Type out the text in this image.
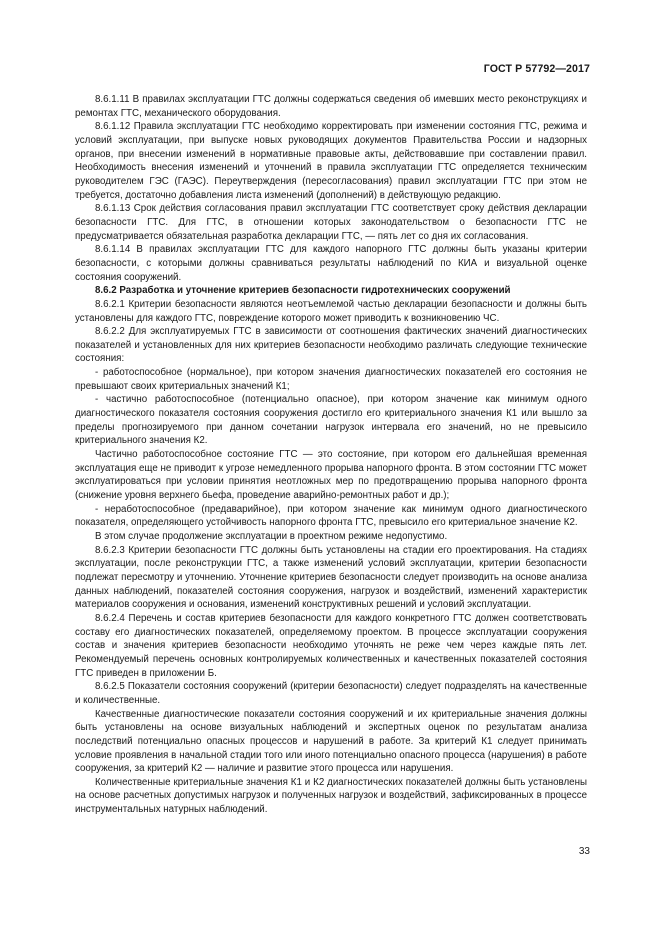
ГОСТ Р 57792—2017

8.6.1.11 В правилах эксплуатации ГТС должны содержаться сведения об имевших место реконструкциях и ремонтах ГТС, механического оборудования.

8.6.1.12 Правила эксплуатации ГТС необходимо корректировать при изменении состояния ГТС, режима и условий эксплуатации, при выпуске новых руководящих документов Правительства России и надзорных органов, при внесении изменений в нормативные правовые акты, действовавшие при составлении правил. Необходимость внесения изменений и уточнений в правила эксплуатации ГТС определяется техническим руководителем ГЭС (ГАЭС). Переутверждения (пересогласования) правил эксплуатации ГТС при этом не требуется, достаточно добавления листа изменений (дополнений) в действующую редакцию.

8.6.1.13 Срок действия согласования правил эксплуатации ГТС соответствует сроку действия декларации безопасности ГТС. Для ГТС, в отношении которых законодательством о безопасности ГТС не предусматривается обязательная разработка декларации ГТС, — пять лет со дня их согласования.

8.6.1.14 В правилах эксплуатации ГТС для каждого напорного ГТС должны быть указаны критерии безопасности, с которыми должны сравниваться результаты наблюдений по КИА и визуальной оценке состояния сооружений.

8.6.2 Разработка и уточнение критериев безопасности гидротехнических сооружений

8.6.2.1 Критерии безопасности являются неотъемлемой частью декларации безопасности и должны быть установлены для каждого ГТС, повреждение которого может приводить к возникновению ЧС.

8.6.2.2 Для эксплуатируемых ГТС в зависимости от соотношения фактических значений диагностических показателей и установленных для них критериев безопасности необходимо различать следующие технические состояния:

- работоспособное (нормальное), при котором значения диагностических показателей его состояния не превышают своих критериальных значений К1;

- частично работоспособное (потенциально опасное), при котором значение как минимум одного диагностического показателя состояния сооружения достигло его критериального значения К1 или вышло за пределы прогнозируемого при данном сочетании нагрузок интервала его значений, но не превысило критериального значения К2.

Частично работоспособное состояние ГТС — это состояние, при котором его дальнейшая временная эксплуатация еще не приводит к угрозе немедленного прорыва напорного фронта. В этом состоянии ГТС может эксплуатироваться при условии принятия неотложных мер по предотвращению прорыва напорного фронта (снижение уровня верхнего бьефа, проведение аварийно-ремонтных работ и др.);

- неработоспособное (предаварийное), при котором значение как минимум одного диагностического показателя, определяющего устойчивость напорного фронта ГТС, превысило его критериальное значение К2.

В этом случае продолжение эксплуатации в проектном режиме недопустимо.

8.6.2.3 Критерии безопасности ГТС должны быть установлены на стадии его проектирования. На стадиях эксплуатации, после реконструкции ГТС, а также изменений условий эксплуатации, критерии безопасности подлежат пересмотру и уточнению. Уточнение критериев безопасности следует производить на основе анализа данных наблюдений, показателей состояния сооружения, нагрузок и воздействий, изменений характеристик материалов сооружения и основания, изменений конструктивных решений и условий эксплуатации.

8.6.2.4 Перечень и состав критериев безопасности для каждого конкретного ГТС должен соответствовать составу его диагностических показателей, определяемому проектом. В процессе эксплуатации сооружения состав и значения критериев безопасности необходимо уточнять не реже чем через каждые пять лет. Рекомендуемый перечень основных контролируемых количественных и качественных показателей состояния ГТС приведен в приложении Б.

8.6.2.5 Показатели состояния сооружений (критерии безопасности) следует подразделять на качественные и количественные.

Качественные диагностические показатели состояния сооружений и их критериальные значения должны быть установлены на основе визуальных наблюдений и экспертных оценок по результатам анализа последствий потенциально опасных процессов и нарушений в работе. За критерий К1 следует принимать условие проявления в начальной стадии того или иного потенциально опасного процесса (нарушения) в работе сооружения, за критерий К2 — наличие и развитие этого процесса или нарушения.

Количественные критериальные значения К1 и К2 диагностических показателей должны быть установлены на основе расчетных допустимых нагрузок и полученных нагрузок и воздействий, зафиксированных в процессе инструментальных натурных наблюдений.

33
